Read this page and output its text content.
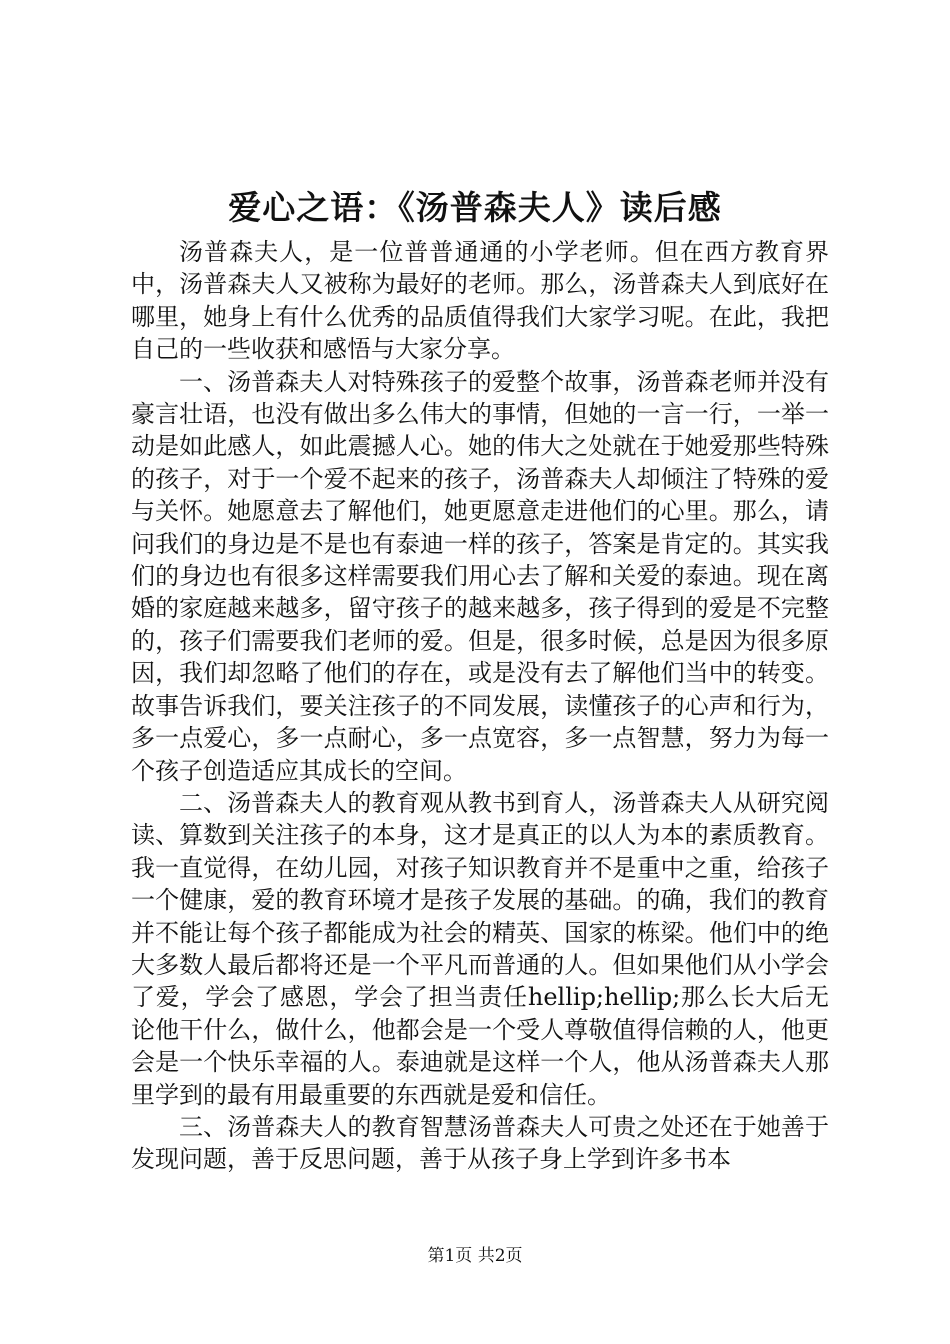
爱心之语：《汤普森夫人》读后感

汤普森夫人，是一位普普通通的小学老师。但在西方教育界中，汤普森夫人又被称为最好的老师。那么，汤普森夫人到底好在哪里，她身上有什么优秀的品质值得我们大家学习呢。在此，我把自己的一些收获和感悟与大家分享。

一、汤普森夫人对特殊孩子的爱整个故事，汤普森老师并没有豪言壮语，也没有做出多么伟大的事情，但她的一言一行，一举一动是如此感人，如此震撼人心。她的伟大之处就在于她爱那些特殊的孩子，对于一个爱不起来的孩子，汤普森夫人却倾注了特殊的爱与关怀。她愿意去了解他们，她更愿意走进他们的心里。那么，请问我们的身边是不是也有泰迪一样的孩子，答案是肯定的。其实我们的身边也有很多这样需要我们用心去了解和关爱的泰迪。现在离婚的家庭越来越多，留守孩子的越来越多，孩子得到的爱是不完整的，孩子们需要我们老师的爱。但是，很多时候，总是因为很多原因，我们却忽略了他们的存在，或是没有去了解他们当中的转变。故事告诉我们，要关注孩子的不同发展，读懂孩子的心声和行为，多一点爱心，多一点耐心，多一点宽容，多一点智慧，努力为每一个孩子创造适应其成长的空间。

二、汤普森夫人的教育观从教书到育人，汤普森夫人从研究阅读、算数到关注孩子的本身，这才是真正的以人为本的素质教育。我一直觉得，在幼儿园，对孩子知识教育并不是重中之重，给孩子一个健康，爱的教育环境才是孩子发展的基础。的确，我们的教育并不能让每个孩子都能成为社会的精英、国家的栋梁。他们中的绝大多数人最后都将还是一个平凡而普通的人。但如果他们从小学会了爱，学会了感恩，学会了担当责任hellip;hellip;那么长大后无论他干什么，做什么，他都会是一个受人尊敬值得信赖的人，他更会是一个快乐幸福的人。泰迪就是这样一个人，他从汤普森夫人那里学到的最有用最重要的东西就是爱和信任。

三、汤普森夫人的教育智慧汤普森夫人可贵之处还在于她善于发现问题，善于反思问题，善于从孩子身上学到许多书本

第1页 共2页
